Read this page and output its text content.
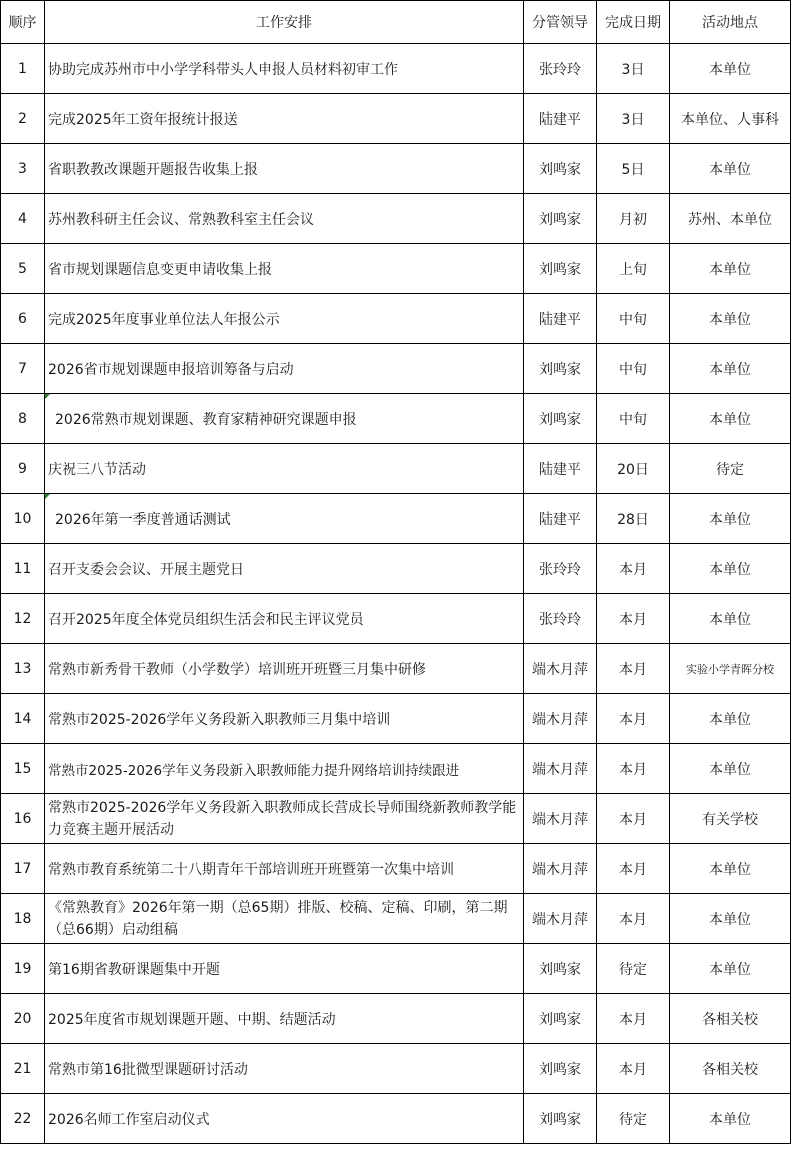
顺序	工作安排	分管领导	完成日期	活动地点
1	协助完成苏州市中小学学科带头人申报人员材料初审工作	张玲玲	3日	本单位
2	完成2025年工资年报统计报送	陆建平	3日	本单位、人事科
3	省职教教改课题开题报告收集上报	刘鸣家	5日	本单位
4	苏州教科研主任会议、常熟教科室主任会议	刘鸣家	月初	苏州、本单位
5	省市规划课题信息变更申请收集上报	刘鸣家	上旬	本单位
6	完成2025年度事业单位法人年报公示	陆建平	中旬	本单位
7	2026省市规划课题申报培训筹备与启动	刘鸣家	中旬	本单位
8	2026常熟市规划课题、教育家精神研究课题申报	刘鸣家	中旬	本单位
9	庆祝三八节活动	陆建平	20日	待定
10	2026年第一季度普通话测试	陆建平	28日	本单位
11	召开支委会会议、开展主题党日	张玲玲	本月	本单位
12	召开2025年度全体党员组织生活会和民主评议党员	张玲玲	本月	本单位
13	常熟市新秀骨干教师（小学数学）培训班开班暨三月集中研修	端木月萍	本月	实验小学青晖分校
14	常熟市2025-2026学年义务段新入职教师三月集中培训	端木月萍	本月	本单位
15	常熟市2025-2026学年义务段新入职教师能力提升网络培训持续跟进	端木月萍	本月	本单位
16	常熟市2025-2026学年义务段新入职教师成长营成长导师围绕新教师教学能力竞赛主题开展活动	端木月萍	本月	有关学校
17	常熟市教育系统第二十八期青年干部培训班开班暨第一次集中培训	端木月萍	本月	本单位
18	《常熟教育》2026年第一期（总65期）排版、校稿、定稿、印刷，第二期（总66期）启动组稿	端木月萍	本月	本单位
19	第16期省教研课题集中开题	刘鸣家	待定	本单位
20	2025年度省市规划课题开题、中期、结题活动	刘鸣家	本月	各相关校
21	常熟市第16批微型课题研讨活动	刘鸣家	本月	各相关校
22	2026名师工作室启动仪式	刘鸣家	待定	本单位
